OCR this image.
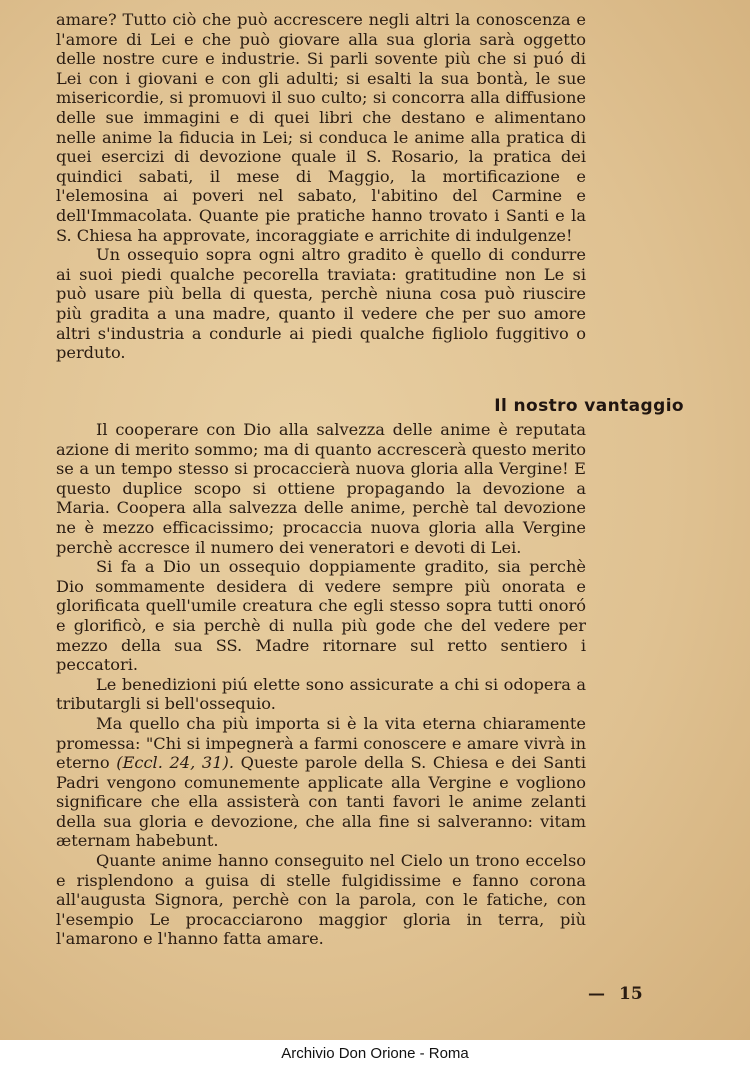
amare? Tutto ciò che può accrescere negli altri la conoscenza e l'amore di Lei e che può giovare alla sua gloria sarà oggetto delle nostre cure e industrie. Si parli sovente più che si puó di Lei con i giovani e con gli adulti; si esalti la sua bontà, le sue misericordie, si promuovi il suo culto; si concorra alla diffusione delle sue immagini e di quei libri che destano e alimentano nelle anime la fiducia in Lei; si conduca le anime alla pratica di quei esercizi di devozione quale il S. Rosario, la pratica dei quindici sabati, il mese di Maggio, la mortificazione e l'elemosina ai poveri nel sabato, l'abitino del Carmine e dell'Immacolata. Quante pie pratiche hanno trovato i Santi e la S. Chiesa ha approvate, incoraggiate e arrichite di indulgenze!

Un ossequio sopra ogni altro gradito è quello di condurre ai suoi piedi qualche pecorella traviata: gratitudine non Le si può usare più bella di questa, perchè niuna cosa può riuscire più gradita a una madre, quanto il vedere che per suo amore altri s'industria a condurle ai piedi qualche figliolo fuggitivo o perduto.

Il nostro vantaggio

Il cooperare con Dio alla salvezza delle anime è reputata azione di merito sommo; ma di quanto accrescerà questo merito se a un tempo stesso si procaccierà nuova gloria alla Vergine! E questo duplice scopo si ottiene propagando la devozione a Maria. Coopera alla salvezza delle anime, perchè tal devozione ne è mezzo efficacissimo; procaccia nuova gloria alla Vergine perchè accresce il numero dei veneratori e devoti di Lei.

Si fa a Dio un ossequio doppiamente gradito, sia perchè Dio sommamente desidera di vedere sempre più onorata e glorificata quell'umile creatura che egli stesso sopra tutti onoró e glorificò, e sia perchè di nulla più gode che del vedere per mezzo della sua SS. Madre ritornare sul retto sentiero i peccatori.

Le benedizioni piú elette sono assicurate a chi si odopera a tributargli si bell'ossequio.

Ma quello cha più importa si è la vita eterna chiaramente promessa: "Chi si impegnerà a farmi conoscere e amare vivrà in eterno (Eccl. 24, 31). Queste parole della S. Chiesa e dei Santi Padri vengono comunemente applicate alla Vergine e vogliono significare che ella assisterà con tanti favori le anime zelanti della sua gloria e devozione, che alla fine si salveranno: vitam æternam habebunt.

Quante anime hanno conseguito nel Cielo un trono eccelso e risplendono a guisa di stelle fulgidissime e fanno corona all'augusta Signora, perchè con la parola, con le fatiche, con l'esempio Le procacciarono maggior gloria in terra, più l'amarono e l'hanno fatta amare.

— 15
Archivio Don Orione - Roma
